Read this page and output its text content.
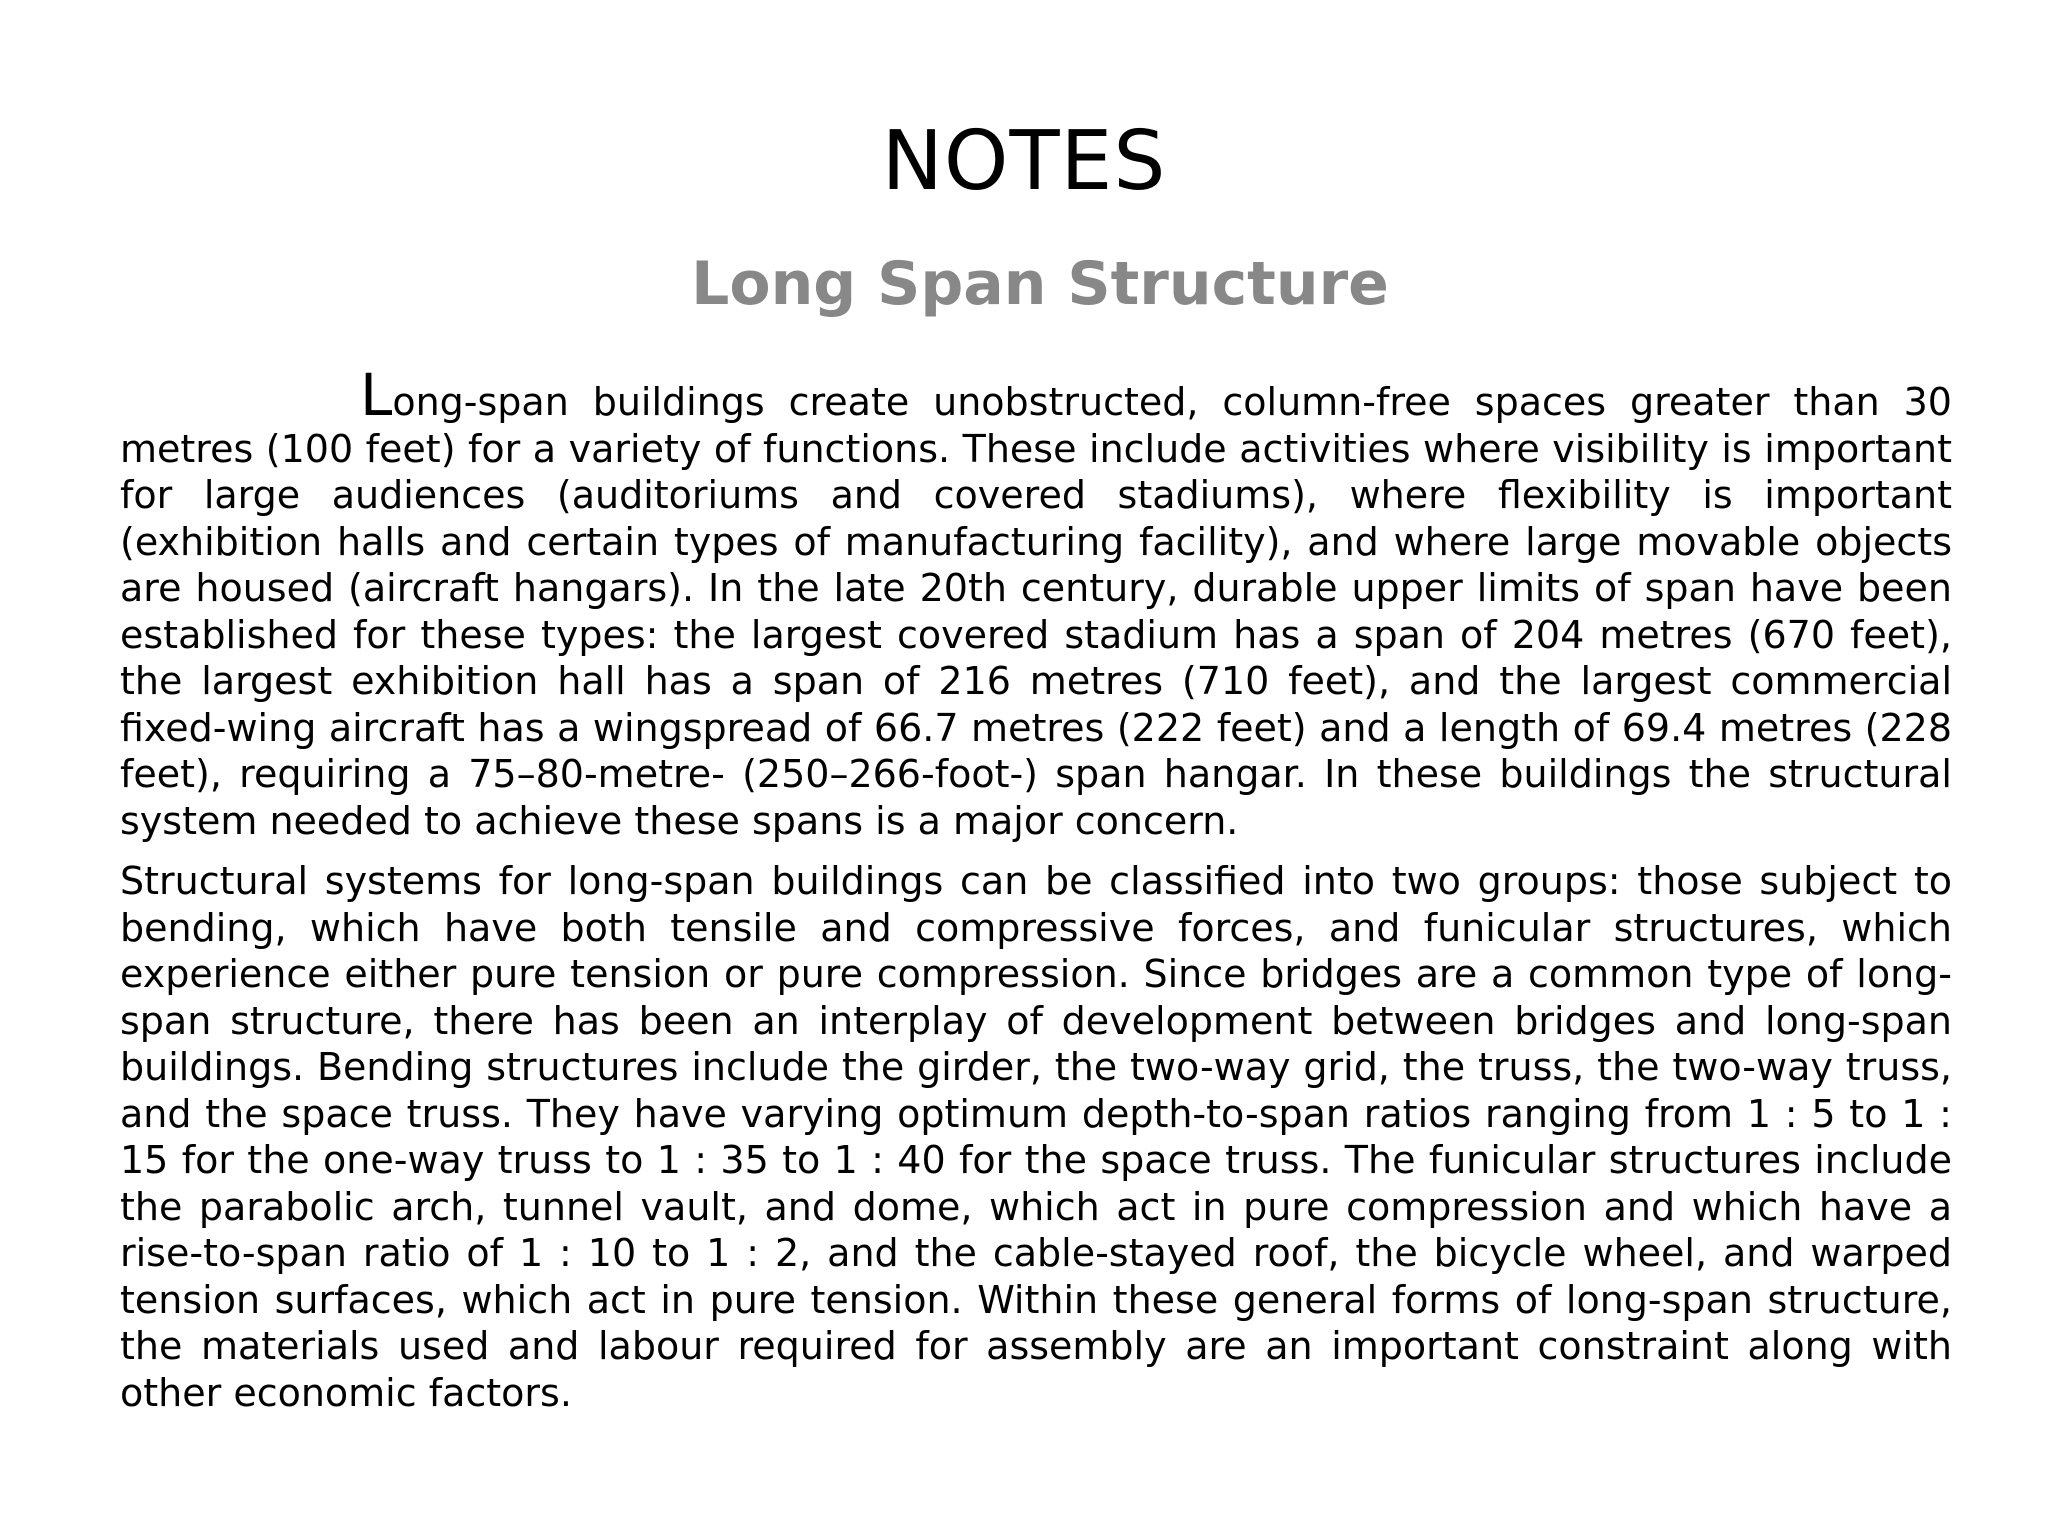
NOTES
Long Span Structure

Long-span buildings create unobstructed, column-free spaces greater than 30 metres (100 feet) for a variety of functions. These include activities where visibility is important for large audiences (auditoriums and covered stadiums), where flexibility is important (exhibition halls and certain types of manufacturing facility), and where large movable objects are housed (aircraft hangars). In the late 20th century, durable upper limits of span have been established for these types: the largest covered stadium has a span of 204 metres (670 feet), the largest exhibition hall has a span of 216 metres (710 feet), and the largest commercial fixed-wing aircraft has a wingspread of 66.7 metres (222 feet) and a length of 69.4 metres (228 feet), requiring a 75–80-metre- (250–266-foot-) span hangar. In these buildings the structural system needed to achieve these spans is a major concern.

Structural systems for long-span buildings can be classified into two groups: those subject to bending, which have both tensile and compressive forces, and funicular structures, which experience either pure tension or pure compression. Since bridges are a common type of long-span structure, there has been an interplay of development between bridges and long-span buildings. Bending structures include the girder, the two-way grid, the truss, the two-way truss, and the space truss. They have varying optimum depth-to-span ratios ranging from 1 : 5 to 1 : 15 for the one-way truss to 1 : 35 to 1 : 40 for the space truss. The funicular structures include the parabolic arch, tunnel vault, and dome, which act in pure compression and which have a rise-to-span ratio of 1 : 10 to 1 : 2, and the cable-stayed roof, the bicycle wheel, and warped tension surfaces, which act in pure tension. Within these general forms of long-span structure, the materials used and labour required for assembly are an important constraint along with other economic factors.
